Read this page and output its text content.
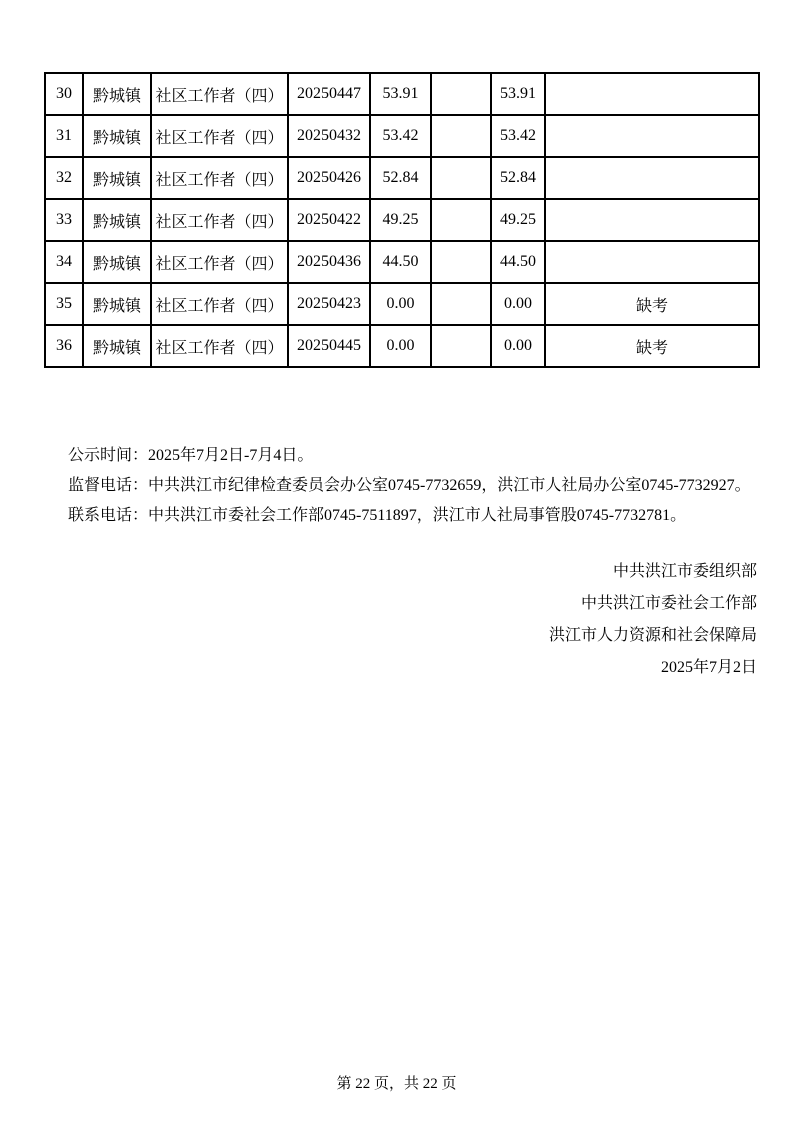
30	黔城镇	社区工作者（四）	20250447	53.91		53.91	
31	黔城镇	社区工作者（四）	20250432	53.42		53.42	
32	黔城镇	社区工作者（四）	20250426	52.84		52.84	
33	黔城镇	社区工作者（四）	20250422	49.25		49.25	
34	黔城镇	社区工作者（四）	20250436	44.50		44.50	
35	黔城镇	社区工作者（四）	20250423	0.00		0.00	缺考
36	黔城镇	社区工作者（四）	20250445	0.00		0.00	缺考

公示时间：2025年7月2日-7月4日。

监督电话：中共洪江市纪律检查委员会办公室0745-7732659，洪江市人社局办公室0745-7732927。

联系电话：中共洪江市委社会工作部0745-7511897，洪江市人社局事管股0745-7732781。

中共洪江市委组织部

中共洪江市委社会工作部

洪江市人力资源和社会保障局

2025年7月2日

第 22 页，共 22 页
